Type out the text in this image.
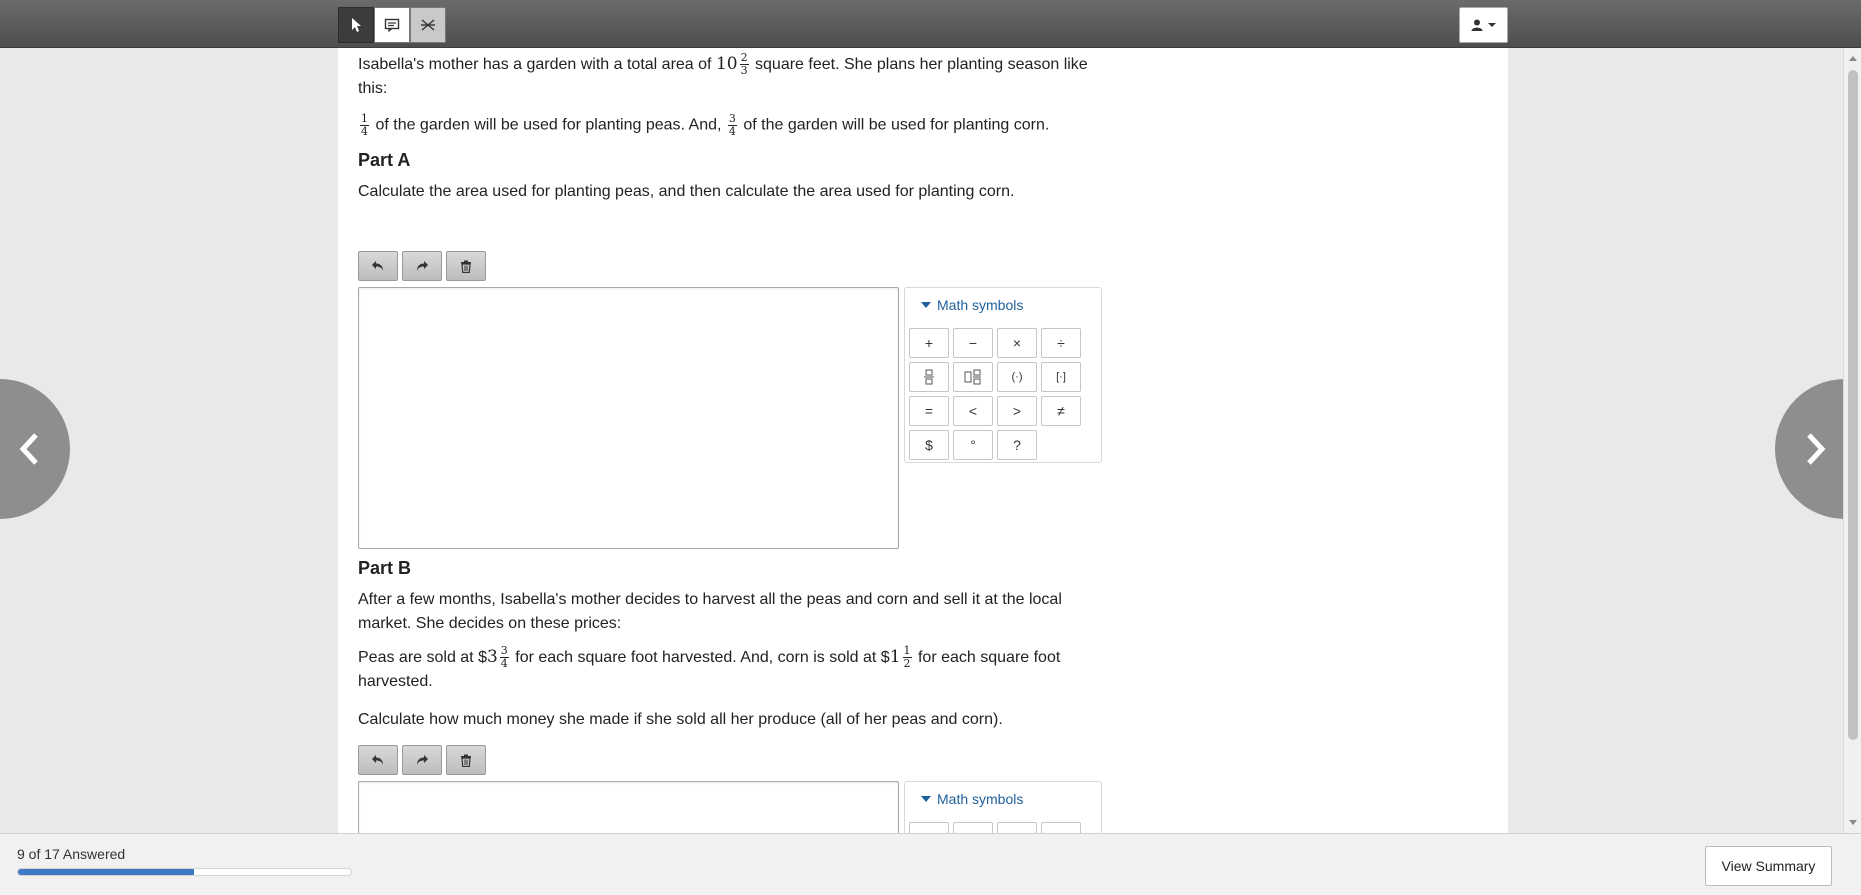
Isabella's mother has a garden with a total area of $10 \frac{2}{3}$ square feet. She plans her planting season like this:

$\frac{1}{4}$ of the garden will be used for planting peas. And, $\frac{3}{4}$ of the garden will be used for planting corn.

Part A

Calculate the area used for planting peas, and then calculate the area used for planting corn.

Part B

After a few months, Isabella's mother decides to harvest all the peas and corn and sell it at the local market. She decides on these prices:

Peas are sold at $3 $\frac{3}{4}$ for each square foot harvested. And, corn is sold at $1 $\frac{1}{2}$ for each square foot harvested.

Calculate how much money she made if she sold all her produce (all of her peas and corn).

Math symbols
+	−	×	÷
(·)	[·]
=	<	>	≠
$	°	?
Math symbols
9 of 17 Answered
View Summary
